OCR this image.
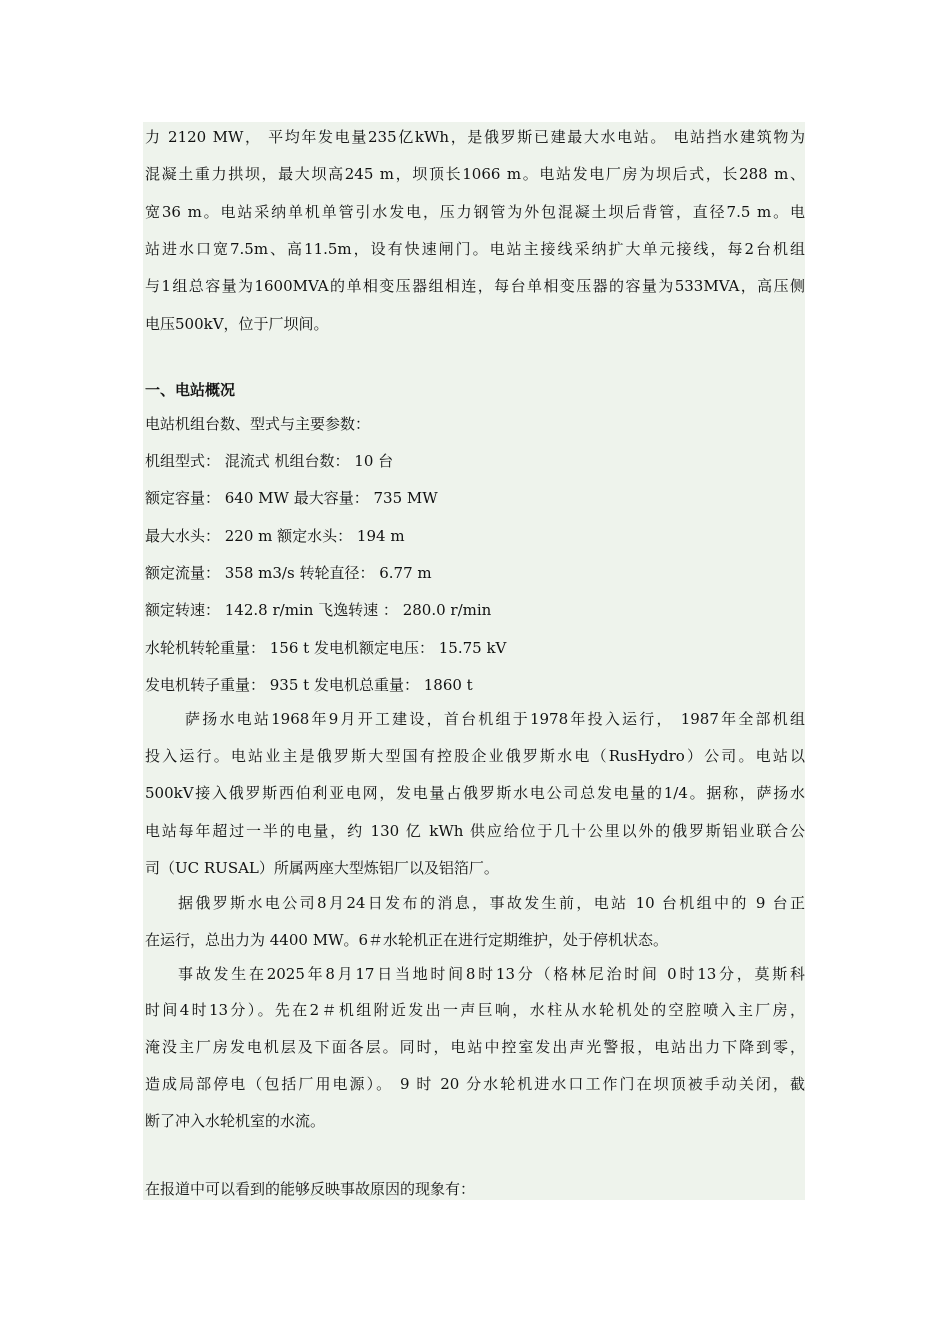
力 2120 MW， 平均年发电量235亿kWh，是俄罗斯已建最大水电站。 电站挡水建筑物为
混凝土重力拱坝，最大坝高245 m，坝顶长1066 m。电站发电厂房为坝后式，长288 m、
宽36 m。电站采纳单机单管引水发电，压力钢管为外包混凝土坝后背管，直径7.5 m。电
站进水口宽7.5m、高11.5m，设有快速闸门。电站主接线采纳扩大单元接线，每2台机组
与1组总容量为1600MVA的单相变压器组相连，每台单相变压器的容量为533MVA，高压侧
电压500kV，位于厂坝间。
一、电站概况
电站机组台数、型式与主要参数：
机组型式： 混流式 机组台数： 10 台
额定容量： 640 MW 最大容量： 735 MW
最大水头： 220 m 额定水头： 194 m
额定流量： 358 m3/s 转轮直径： 6.77 m
额定转速： 142.8 r/min 飞逸转速 ： 280.0 r/min
水轮机转轮重量： 156 t 发电机额定电压： 15.75 kV
发电机转子重量： 935 t 发电机总重量： 1860 t
萨扬水电站1968年9月开工建设，首台机组于1978年投入运行， 1987年全部机组
投入运行。电站业主是俄罗斯大型国有控股企业俄罗斯水电（RusHydro）公司。电站以
500kV接入俄罗斯西伯利亚电网，发电量占俄罗斯水电公司总发电量的1/4。据称，萨扬水
电站每年超过一半的电量，约 130 亿 kWh 供应给位于几十公里以外的俄罗斯铝业联合公
司（UC RUSAL）所属两座大型炼铝厂以及铝箔厂。
据俄罗斯水电公司8月24日发布的消息，事故发生前，电站 10 台机组中的 9 台正
在运行，总出力为 4400 MW。6＃水轮机正在进行定期维护，处于停机状态。
事故发生在2025年8月17日当地时间8时13分（格林尼治时间 0时13分，莫斯科
时间4时13分）。先在2＃机组附近发出一声巨响，水柱从水轮机处的空腔喷入主厂房，
淹没主厂房发电机层及下面各层。同时，电站中控室发出声光警报，电站出力下降到零，
造成局部停电（包括厂用电源）。 9 时 20 分水轮机进水口工作门在坝顶被手动关闭，截
断了冲入水轮机室的水流。
在报道中可以看到的能够反映事故原因的现象有：
